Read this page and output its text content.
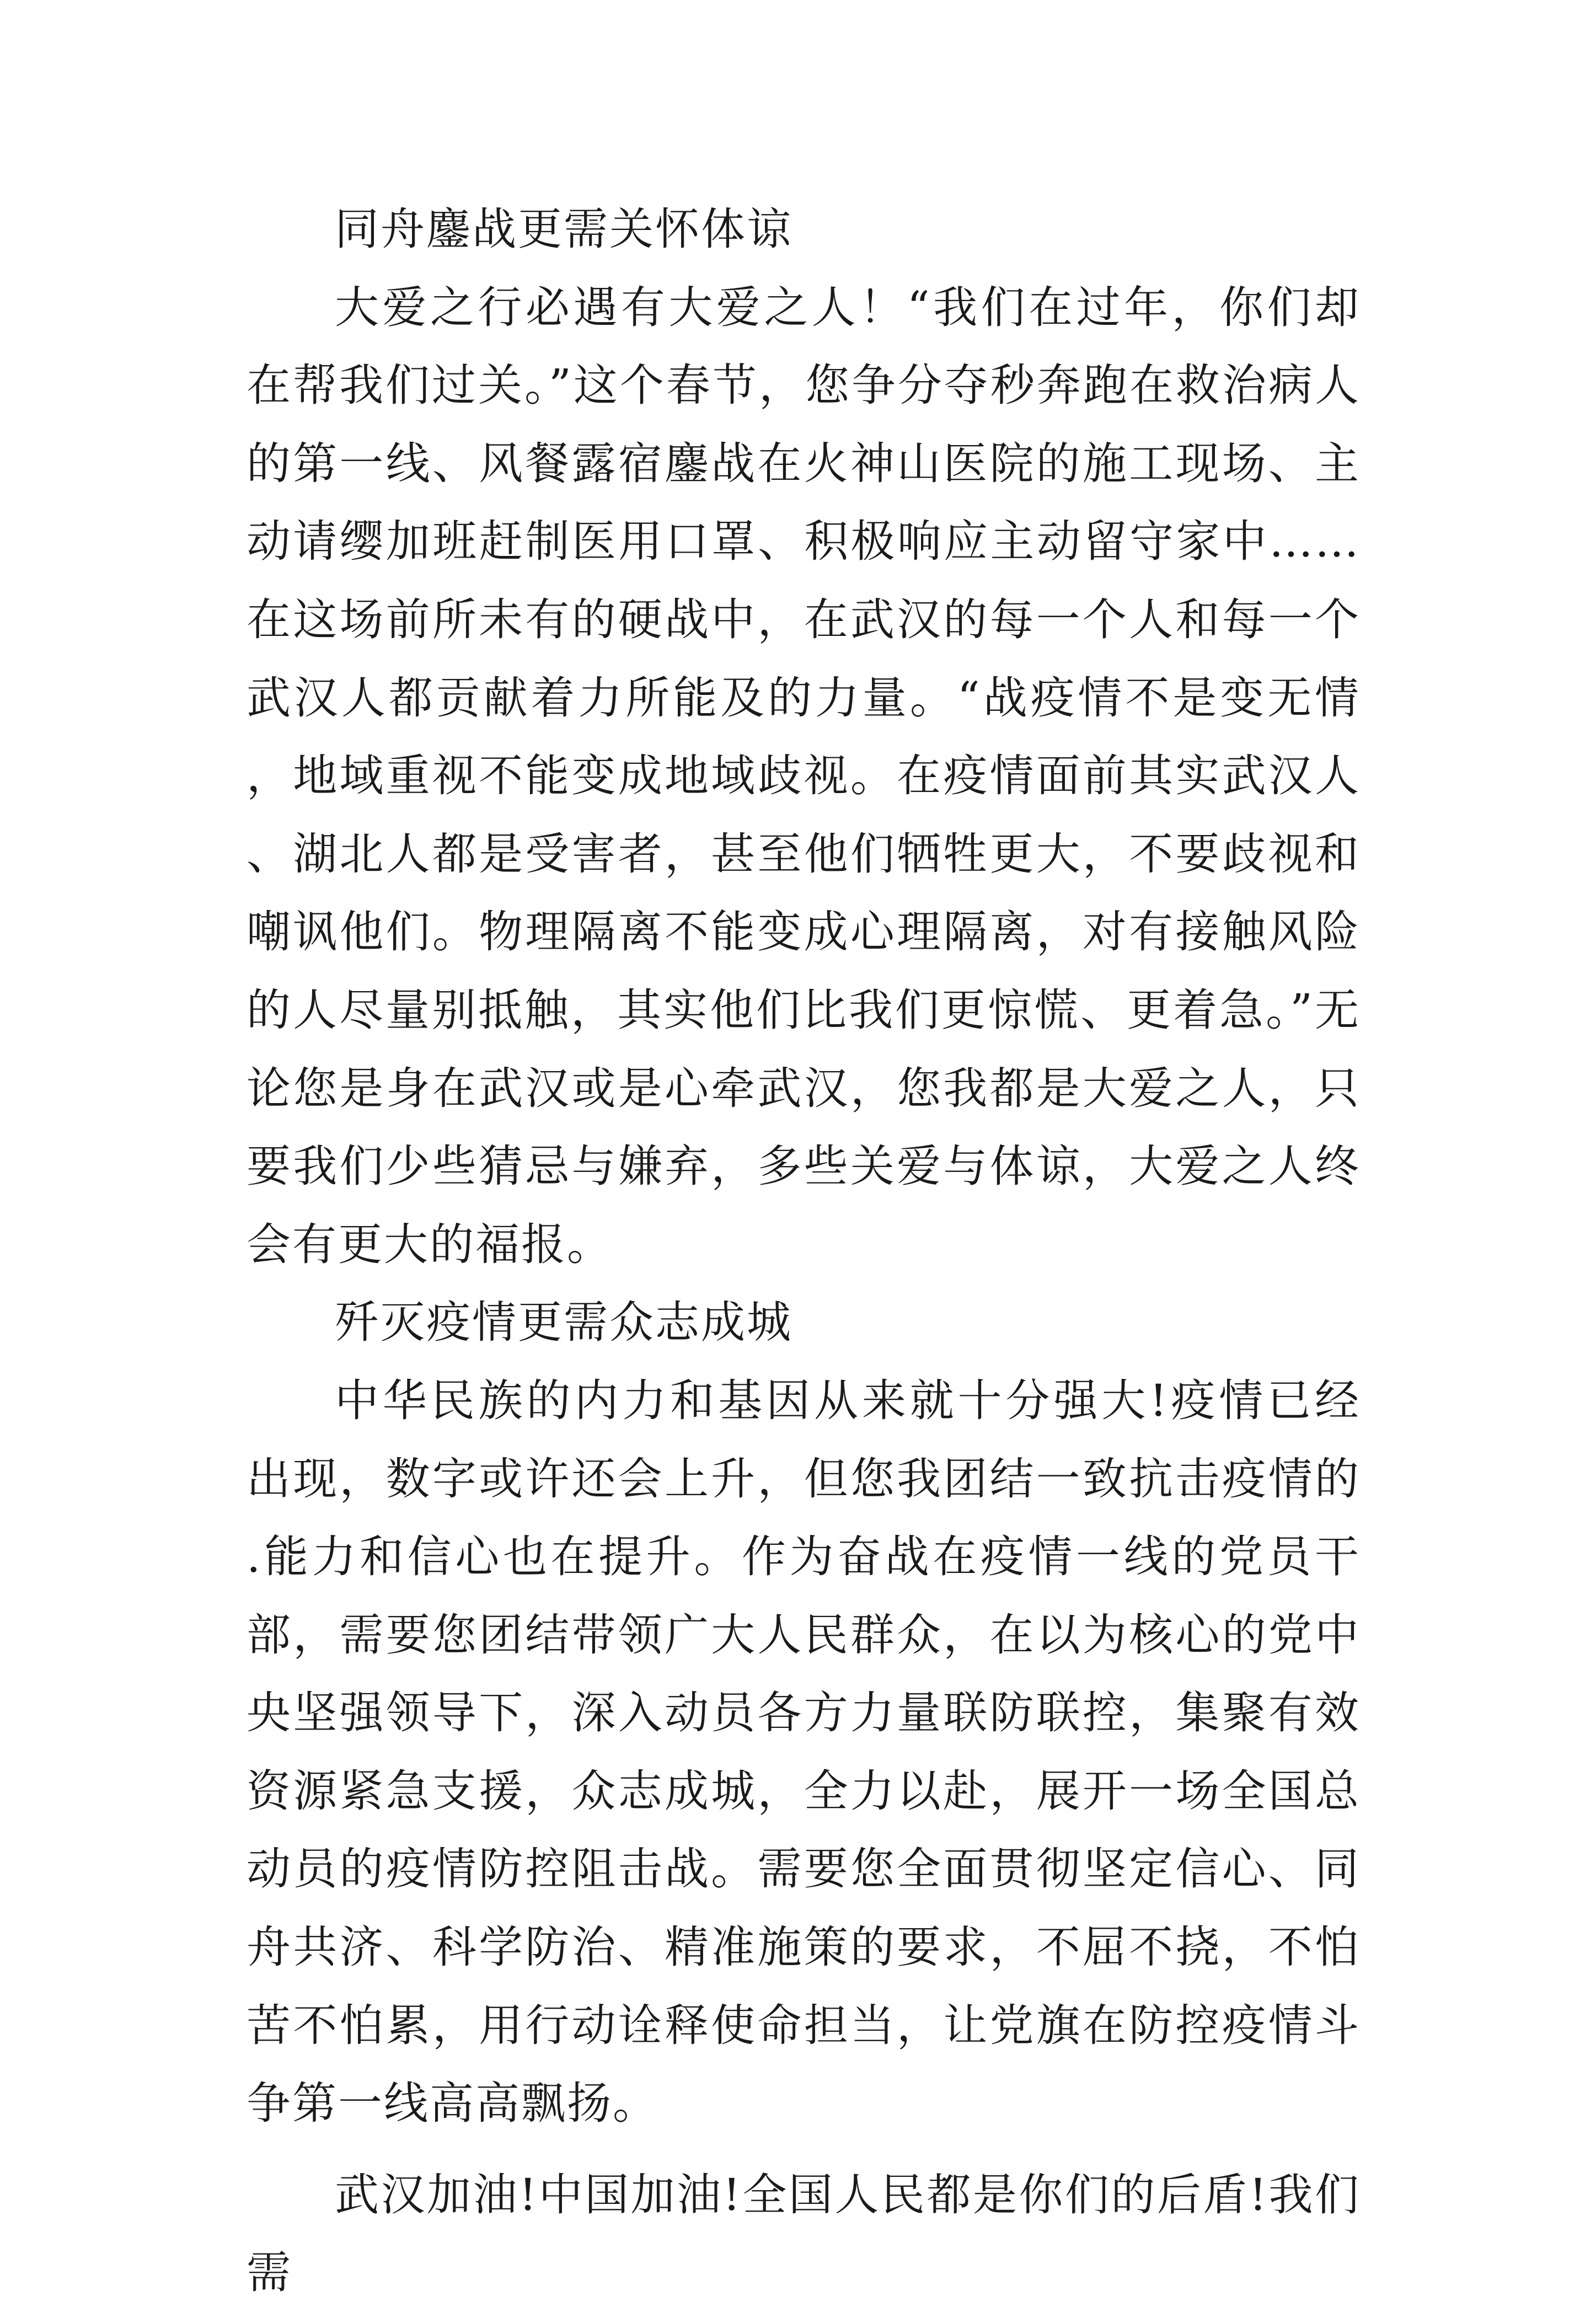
同舟鏖战更需关怀体谅

大爱之行必遇有大爱之人！“我们在过年，你们却在帮我们过关。”这个春节，您争分夺秒奔跑在救治病人的第一线、风餐露宿鏖战在火神山医院的施工现场、主动请缨加班赶制医用口罩、积极响应主动留守家中……在这场前所未有的硬战中，在武汉的每一个人和每一个武汉人都贡献着力所能及的力量。“战疫情不是变无情，地域重视不能变成地域歧视。在疫情面前其实武汉人、湖北人都是受害者，甚至他们牺牲更大，不要歧视和嘲讽他们。物理隔离不能变成心理隔离，对有接触风险的人尽量别抵触，其实他们比我们更惊慌、更着急。”无论您是身在武汉或是心牵武汉，您我都是大爱之人，只要我们少些猜忌与嫌弃，多些关爱与体谅，大爱之人终会有更大的福报。

歼灭疫情更需众志成城

中华民族的内力和基因从来就十分强大!疫情已经出现，数字或许还会上升，但您我团结一致抗击疫情的.能力和信心也在提升。作为奋战在疫情一线的党员干部，需要您团结带领广大人民群众，在以为核心的党中央坚强领导下，深入动员各方力量联防联控，集聚有效资源紧急支援，众志成城，全力以赴，展开一场全国总动员的疫情防控阻击战。需要您全面贯彻坚定信心、同舟共济、科学防治、精准施策的要求，不屈不挠，不怕苦不怕累，用行动诠释使命担当，让党旗在防控疫情斗争第一线高高飘扬。

武汉加油!中国加油!全国人民都是你们的后盾!我们需
